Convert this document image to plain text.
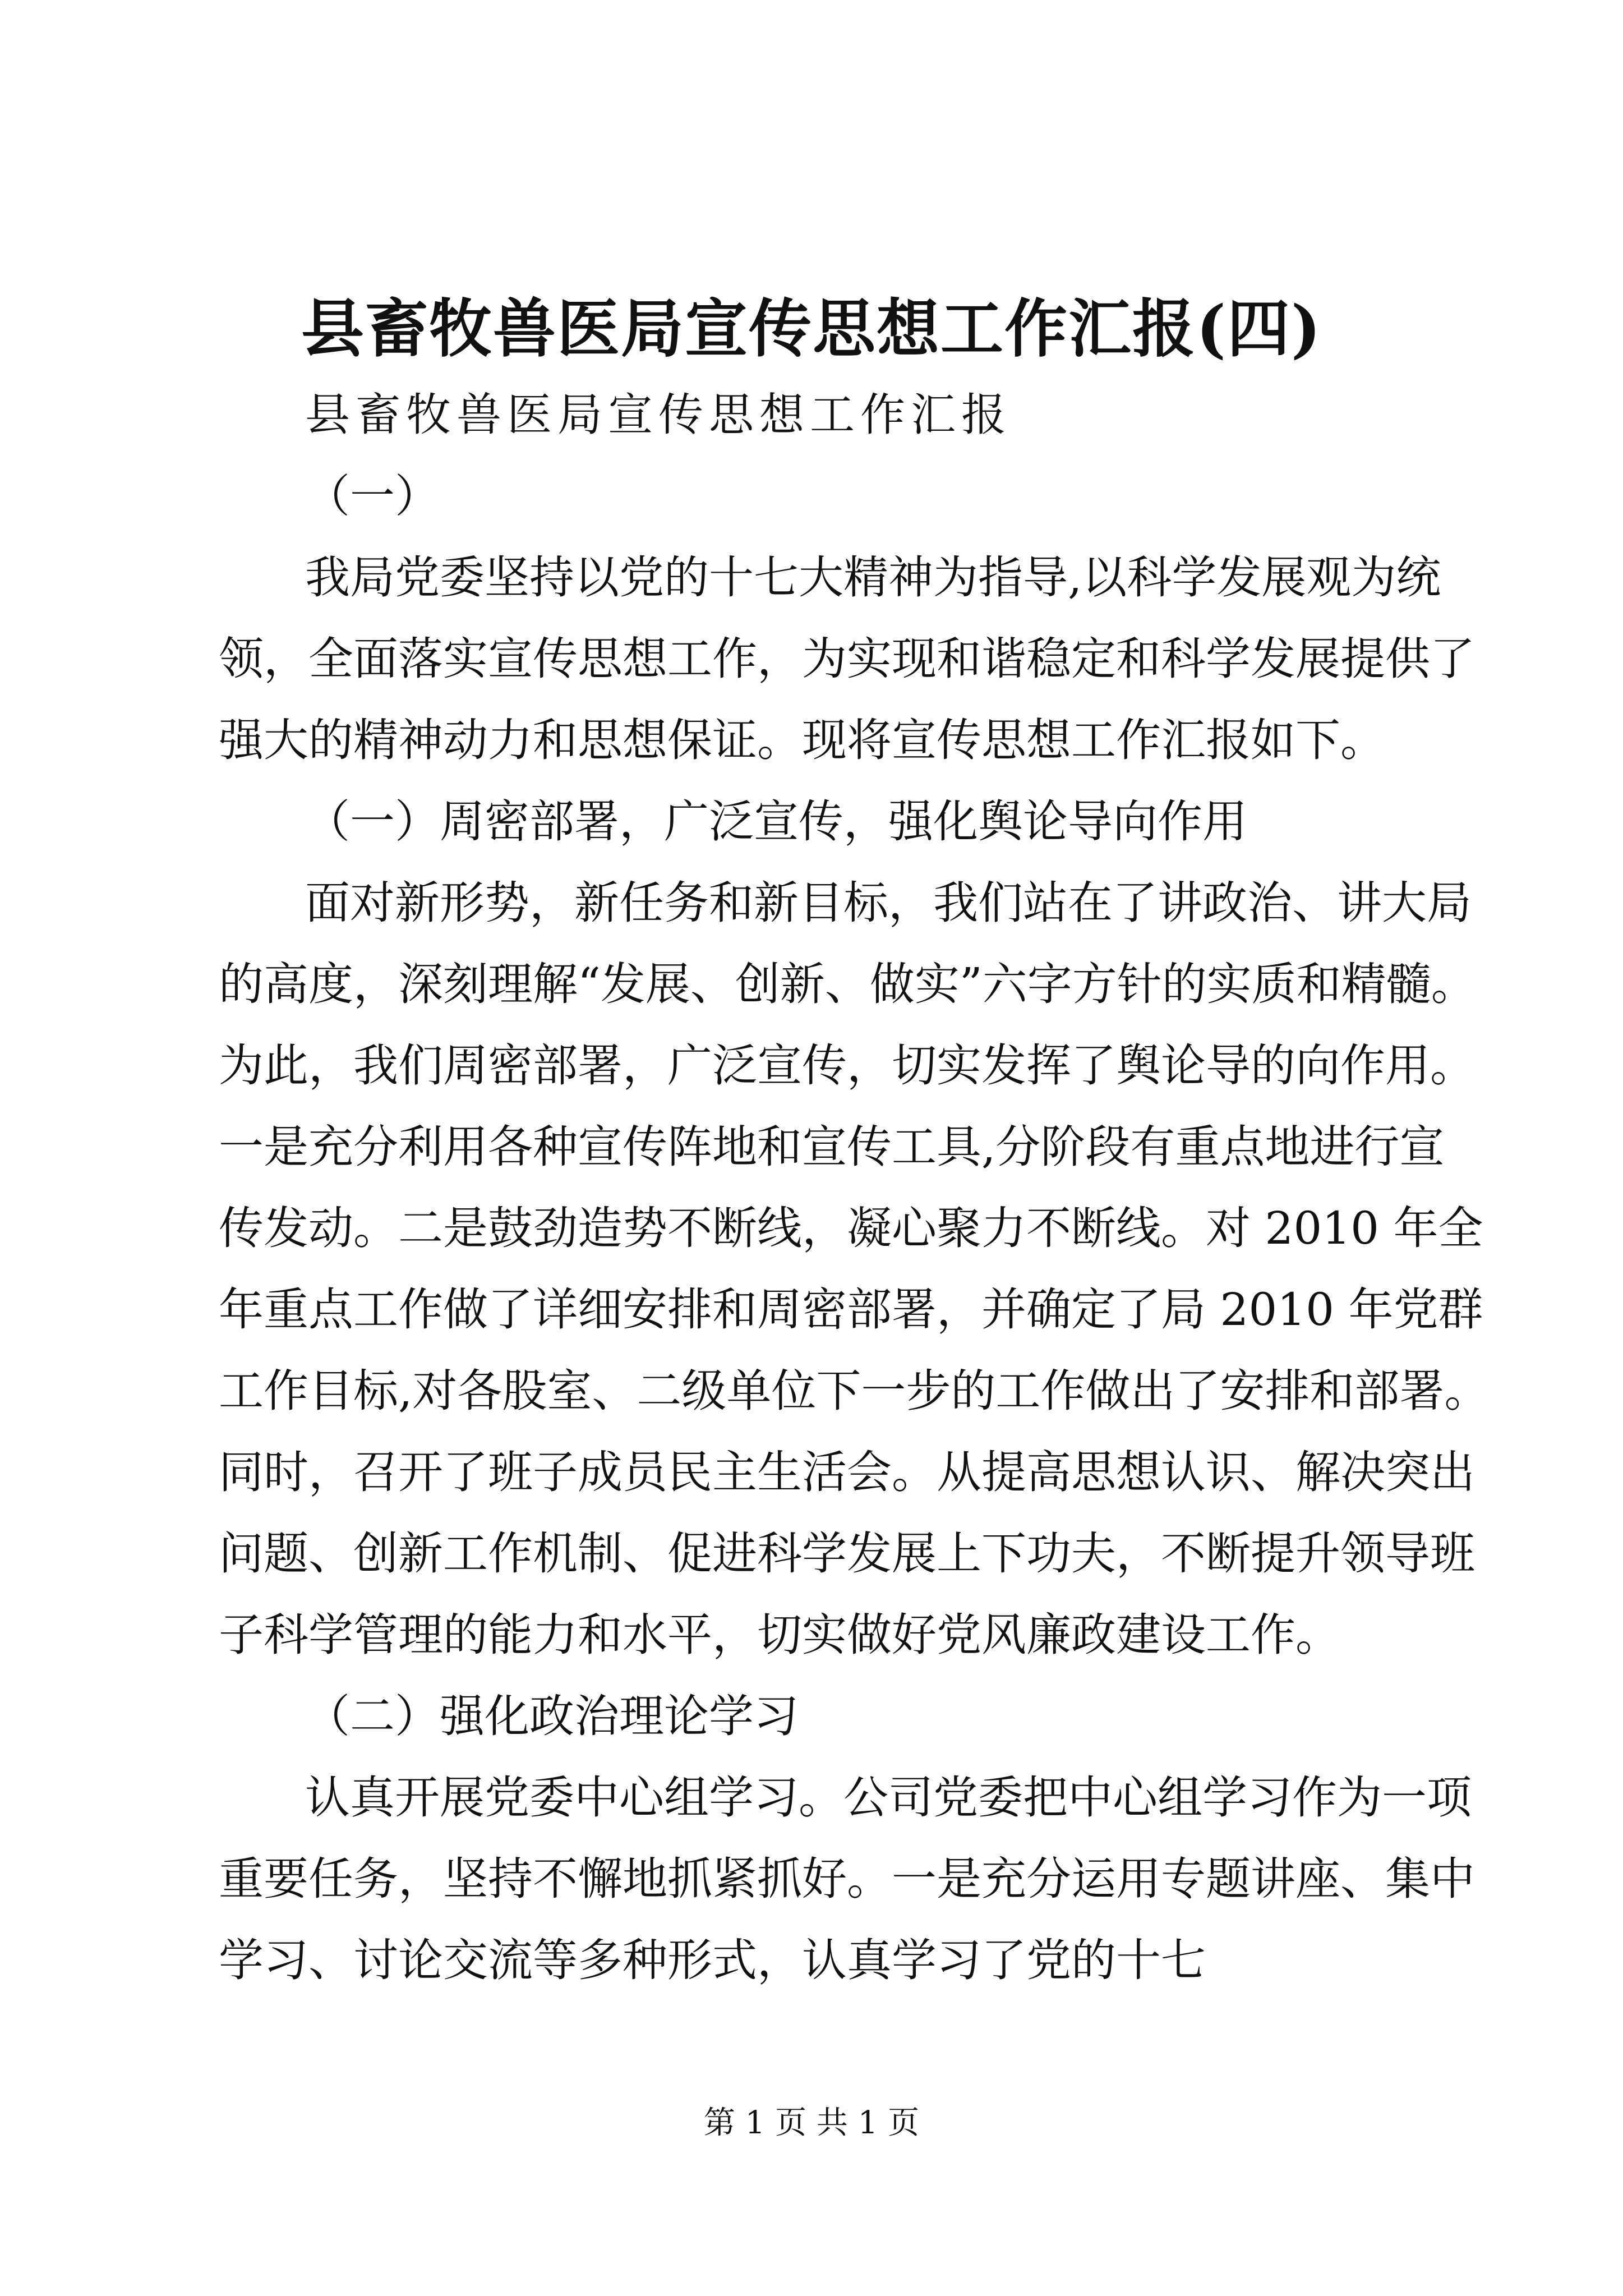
县畜牧兽医局宣传思想工作汇报(四)
县畜牧兽医局宣传思想工作汇报
（一）
我局党委坚持以党的十七大精神为指导,以科学发展观为统
领，全面落实宣传思想工作，为实现和谐稳定和科学发展提供了
强大的精神动力和思想保证。现将宣传思想工作汇报如下。
（一）周密部署，广泛宣传，强化舆论导向作用
面对新形势，新任务和新目标，我们站在了讲政治、讲大局
的高度，深刻理解“发展、创新、做实”六字方针的实质和精髓。
为此，我们周密部署，广泛宣传，切实发挥了舆论导的向作用。
一是充分利用各种宣传阵地和宣传工具,分阶段有重点地进行宣
传发动。二是鼓劲造势不断线，凝心聚力不断线。对 2010 年全
年重点工作做了详细安排和周密部署，并确定了局 2010 年党群
工作目标,对各股室、二级单位下一步的工作做出了安排和部署。
同时，召开了班子成员民主生活会。从提高思想认识、解决突出
问题、创新工作机制、促进科学发展上下功夫，不断提升领导班
子科学管理的能力和水平，切实做好党风廉政建设工作。
（二）强化政治理论学习
认真开展党委中心组学习。公司党委把中心组学习作为一项
重要任务，坚持不懈地抓紧抓好。一是充分运用专题讲座、集中
学习、讨论交流等多种形式，认真学习了党的十七
第 1 页 共 1 页
